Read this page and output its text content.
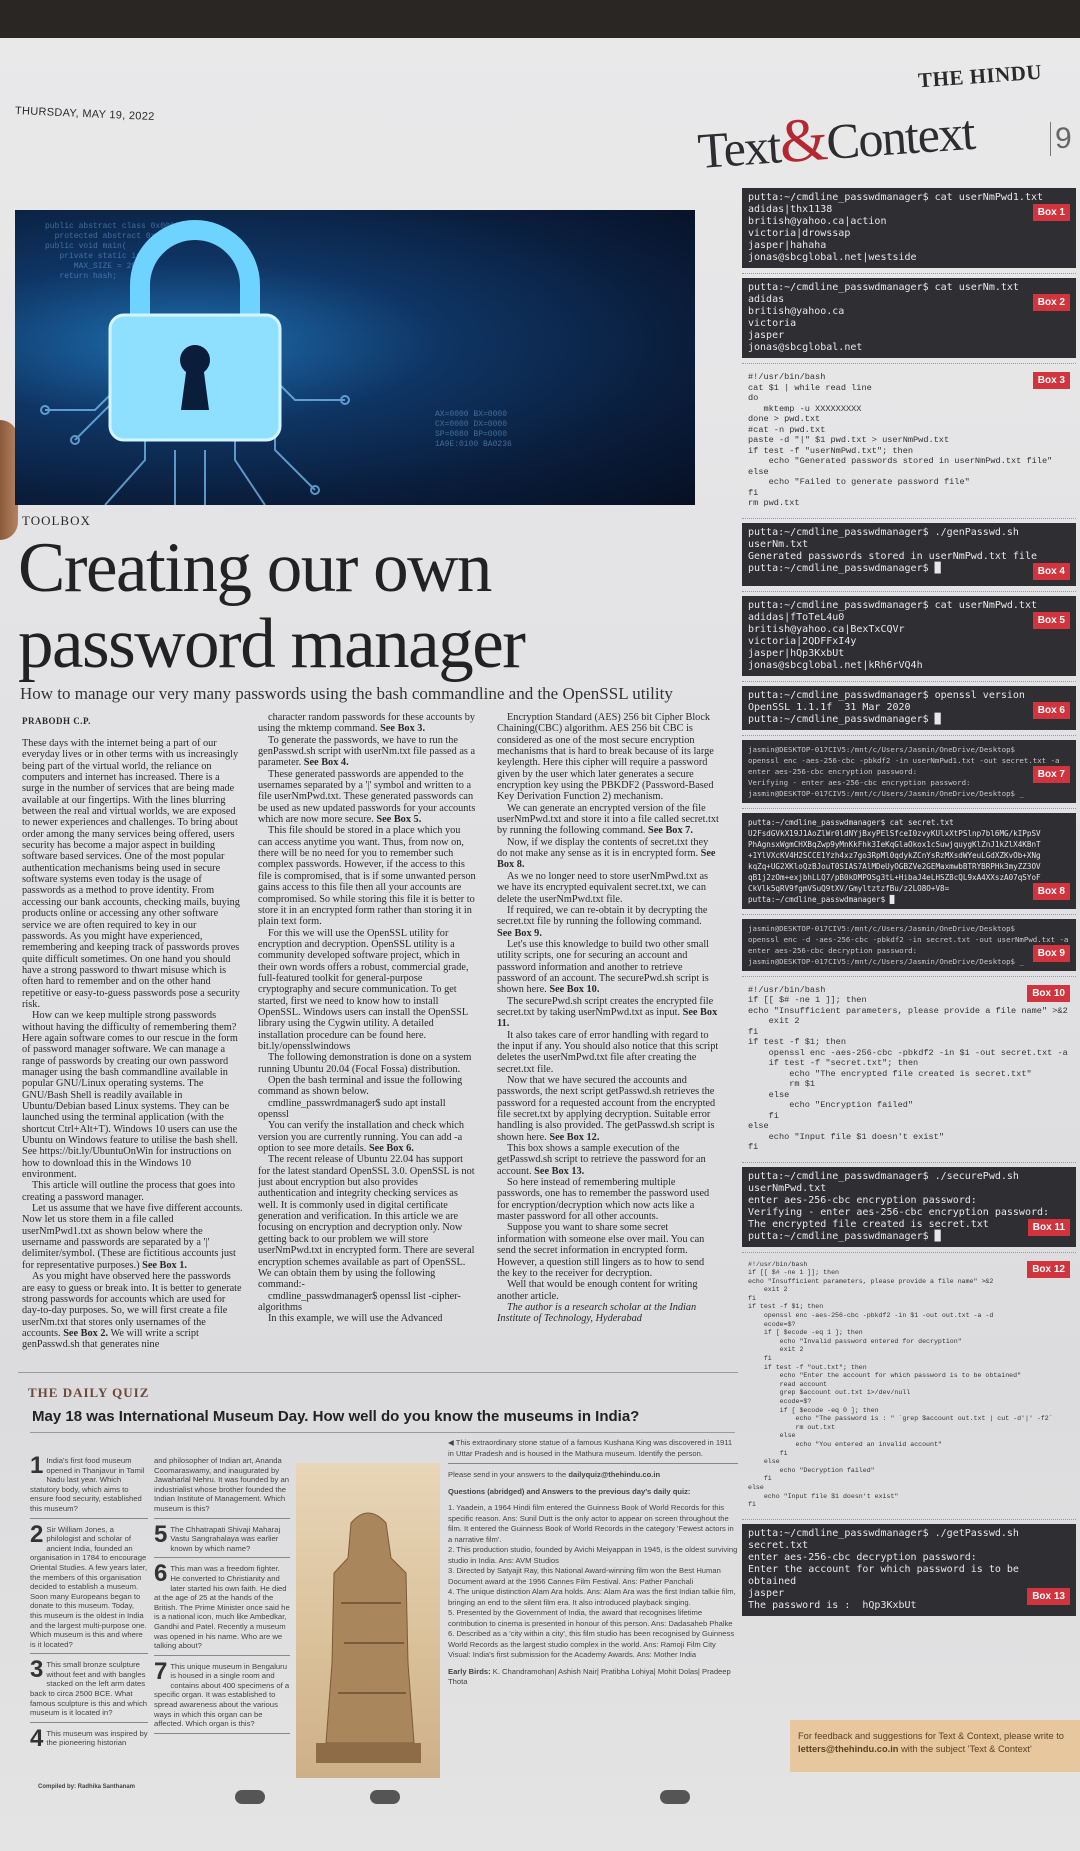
THURSDAY, MAY 19, 2022
THE HINDU
Text&Context	9
public abstract class 0x0000
protected abstract 0x004f
public void main(
private static int
MAX_SIZE = 2048;
return hash;
AX=0000 BX=0000
CX=0000 DX=0000
SP=0080 BP=0000
1A9E:0100 BA0236
TOOLBOX
Creating our own
password manager
How to manage our very many passwords using the bash commandline and the OpenSSL utility
PRABODH C.P.

These days with the internet being a part of our everyday lives or in other terms with us increasingly being part of the virtual world, the reliance on computers and internet has increased. There is a surge in the number of services that are being made available at our fingertips. With the lines blurring between the real and virtual worlds, we are exposed to newer experiences and challenges. To bring about order among the many services being offered, users security has become a major aspect in building software based services. One of the most popular authentication mechanisms being used in secure software systems even today is the usage of passwords as a method to prove identity. From accessing our bank accounts, checking mails, buying products online or accessing any other software service we are often required to key in our passwords. As you might have experienced, remembering and keeping track of passwords proves quite difficult sometimes. On one hand you should have a strong password to thwart misuse which is often hard to remember and on the other hand repetitive or easy-to-guess passwords pose a security risk.

How can we keep multiple strong passwords without having the difficulty of remembering them? Here again software comes to our rescue in the form of password manager software. We can manage a range of passwords by creating our own password manager using the bash commandline available in popular GNU/Linux operating systems. The GNU/Bash Shell is readily available in Ubuntu/Debian based Linux systems. They can be launched using the terminal application (with the shortcut Ctrl+Alt+T). Windows 10 users can use the Ubuntu on Windows feature to utilise the bash shell. See https://bit.ly/UbuntuOnWin for instructions on how to download this in the Windows 10 environment.

This article will outline the process that goes into creating a password manager.

Let us assume that we have five different accounts. Now let us store them in a file called userNmPwd1.txt as shown below where the username and passwords are separated by a '|' delimiter/symbol. (These are fictitious accounts just for representative purposes.) See Box 1.

As you might have observed here the passwords are easy to guess or break into. It is better to generate strong passwords for accounts which are used for day-to-day purposes. So, we will first create a file userNm.txt that stores only usernames of the accounts. See Box 2. We will write a script genPasswd.sh that generates nine

character random passwords for these accounts by using the mktemp command. See Box 3.

To generate the passwords, we have to run the genPasswd.sh script with userNm.txt file passed as a parameter. See Box 4.

These generated passwords are appended to the usernames separated by a '|' symbol and written to a file userNmPwd.txt. These generated passwords can be used as new updated passwords for your accounts which are now more secure. See Box 5.

This file should be stored in a place which you can access anytime you want. Thus, from now on, there will be no need for you to remember such complex passwords. However, if the access to this file is compromised, that is if some unwanted person gains access to this file then all your accounts are compromised. So while storing this file it is better to store it in an encrypted form rather than storing it in plain text form.

For this we will use the OpenSSL utility for encryption and decryption. OpenSSL utility is a community developed software project, which in their own words offers a robust, commercial grade, full-featured toolkit for general-purpose cryptography and secure communication. To get started, first we need to know how to install OpenSSL. Windows users can install the OpenSSL library using the Cygwin utility. A detailed installation procedure can be found here. bit.ly/opensslwindows

The following demonstration is done on a system running Ubuntu 20.04 (Focal Fossa) distribution.

Open the bash terminal and issue the following command as shown below.

cmdline_passwrdmanager$ sudo apt install openssl

You can verify the installation and check which version you are currently running. You can add -a option to see more details. See Box 6.

The recent release of Ubuntu 22.04 has support for the latest standard OpenSSL 3.0. OpenSSL is not just about encryption but also provides authentication and integrity checking services as well. It is commonly used in digital certificate generation and verification. In this article we are focusing on encryption and decryption only. Now getting back to our problem we will store userNmPwd.txt in encrypted form. There are several encryption schemes available as part of OpenSSL. We can obtain them by using the following command:-

cmdline_passwdmanager$ openssl list -cipher-algorithms

In this example, we will use the Advanced

Encryption Standard (AES) 256 bit Cipher Block Chaining(CBC) algorithm. AES 256 bit CBC is considered as one of the most secure encryption mechanisms that is hard to break because of its large keylength. Here this cipher will require a password given by the user which later generates a secure encryption key using the PBKDF2 (Password-Based Key Derivation Function 2) mechanism.

We can generate an encrypted version of the file userNmPwd.txt and store it into a file called secret.txt by running the following command. See Box 7.

Now, if we display the contents of secret.txt they do not make any sense as it is in encrypted form. See Box 8.

As we no longer need to store userNmPwd.txt as we have its encrypted equivalent secret.txt, we can delete the userNmPwd.txt file.

If required, we can re-obtain it by decrypting the secret.txt file by running the following command. See Box 9.

Let's use this knowledge to build two other small utility scripts, one for securing an account and password information and another to retrieve password of an account. The securePwd.sh script is shown here. See Box 10.

The securePwd.sh script creates the encrypted file secret.txt by taking userNmPwd.txt as input. See Box 11.

It also takes care of error handling with regard to the input if any. You should also notice that this script deletes the userNmPwd.txt file after creating the secret.txt file.

Now that we have secured the accounts and passwords, the next script getPasswd.sh retrieves the password for a requested account from the encrypted file secret.txt by applying decryption. Suitable error handling is also provided. The getPasswd.sh script is shown here. See Box 12.

This box shows a sample execution of the getPasswd.sh script to retrieve the password for an account. See Box 13.

So here instead of remembering multiple passwords, one has to remember the password used for encryption/decryption which now acts like a master password for all other accounts.

Suppose you want to share some secret information with someone else over mail. You can send the secret information in encrypted form. However, a question still lingers as to how to send the key to the receiver for decryption.

Well that would be enough content for writing another article.

The author is a research scholar at the Indian Institute of Technology, Hyderabad

putta:~/cmdline_passwdmanager$ cat userNmPwd1.txt
Box 1
adidas|thx1138
british@yahoo.ca|action
victoria|drowssap
jasper|hahaha
jonas@sbcglobal.net|westside
putta:~/cmdline_passwdmanager$ cat userNm.txt
Box 2
adidas
british@yahoo.ca
victoria
jasper
jonas@sbcglobal.net
Box 3
#!/usr/bin/bash
cat $1 | while read line
do
mktemp -u XXXXXXXXX
done > pwd.txt
#cat -n pwd.txt
paste -d "|" $1 pwd.txt > userNmPwd.txt
if test -f "userNmPwd.txt"; then
echo "Generated passwords stored in userNmPwd.txt file"
else
echo "Failed to generate password file"
fi
rm pwd.txt
putta:~/cmdline_passwdmanager$ ./genPasswd.sh userNm.txt
Generated passwords stored in userNmPwd.txt file
Box 4
putta:~/cmdline_passwdmanager$ █
putta:~/cmdline_passwdmanager$ cat userNmPwd.txt
Box 5
adidas|fToTeL4u0
british@yahoo.ca|BexTxCQVr
victoria|2QDFFxI4y
jasper|hQp3KxbUt
jonas@sbcglobal.net|kRh6rVQ4h
putta:~/cmdline_passwdmanager$ openssl version
Box 6
OpenSSL 1.1.1f  31 Mar 2020
putta:~/cmdline_passwdmanager$ █
jasmin@DESKTOP-017CIV5:/mnt/c/Users/Jasmin/OneDrive/Desktop$
openssl enc -aes-256-cbc -pbkdf2 -in userNmPwd1.txt -out secret.txt -a
Box 7
enter aes-256-cbc encryption password:
Verifying - enter aes-256-cbc encryption password:
jasmin@DESKTOP-017CIV5:/mnt/c/Users/Jasmin/OneDrive/Desktop$ _
putta:~/cmdline_passwdmanager$ cat secret.txt
U2FsdGVkX19J1AoZlWr0ldNYjBxyPElSfceI0zvyKUlxXtPSlnp7bl6MG/kIPpSV
PhAgnsxWgmCHXBqZwp9yMnKkFhk3IeKqGlaOkox1cSuwjquygKlZnJ1kZlX4KBnT
+1YlVXcKV4H2SCCE1Yzh4xz7go3RpMl0qdykZCnYsRzMXsdWYeuLGdXZKvOb+XNg
kqZq+UG2XKloQzBJouT0SIAS7AlMDeUyOGBZVe2GEMaxmwbBTRYBRPHk3myZZ3OV
qB1j2zOm+exjbhLLQ7/pB0kDMPOSg3tL+HibaJ4eLHSZ8cQL9xA4XXszA07qSYoF
Box 8
CkVlk5qRV9fgmVSuQ9tXV/GmyltztzfBu/z2LO8O+V8=
putta:~/cmdline_passwdmanager$ █
jasmin@DESKTOP-017CIV5:/mnt/c/Users/Jasmin/OneDrive/Desktop$
openssl enc -d -aes-256-cbc -pbkdf2 -in secret.txt -out userNmPwd.txt -a
Box 9
enter aes-256-cbc decryption password:
jasmin@DESKTOP-017CIV5:/mnt/c/Users/Jasmin/OneDrive/Desktop$ _
Box 10
#!/usr/bin/bash
if [[ $# -ne 1 ]]; then
echo "Insufficient parameters, please provide a file name" >&2
exit 2
fi
if test -f $1; then
openssl enc -aes-256-cbc -pbkdf2 -in $1 -out secret.txt -a
if test -f "secret.txt"; then
echo "The encrypted file created is secret.txt"
rm $1
else
echo "Encryption failed"
fi
else
echo "Input file $1 doesn't exist"
fi
putta:~/cmdline_passwdmanager$ ./securePwd.sh userNmPwd.txt
enter aes-256-cbc encryption password:
Verifying - enter aes-256-cbc encryption password:
Box 11
The encrypted file created is secret.txt
putta:~/cmdline_passwdmanager$ █
Box 12
#!/usr/bin/bash
if [[ $# -ne 1 ]]; then
echo "Insufficient parameters, please provide a file name" >&2
exit 2
fi
if test -f $1; then
openssl enc -aes-256-cbc -pbkdf2 -in $1 -out out.txt -a -d
ecode=$?
if [ $ecode -eq 1 ]; then
echo "Invalid password entered for decryption"
exit 2
fi
if test -f "out.txt"; then
echo "Enter the account for which password is to be obtained"
read account
grep $account out.txt 1>/dev/null
ecode=$?
if [ $ecode -eq 0 ]; then
echo "The password is : " `grep $account out.txt | cut -d'|' -f2`
rm out.txt
else
echo "You entered an invalid account"
fi
else
echo "Decryption failed"
fi
else
echo "Input file $1 doesn't exist"
fi
putta:~/cmdline_passwdmanager$ ./getPasswd.sh secret.txt
enter aes-256-cbc decryption password:
Enter the account for which password is to be obtained
Box 13
jasper
The password is :  hQp3KxbUt
For feedback and suggestions for Text & Context, please write to letters@thehindu.co.in with the subject 'Text & Context'
THE DAILY QUIZ
May 18 was International Museum Day. How well do you know the museums in India?
1 India's first food museum opened in Thanjavur in Tamil Nadu last year. Which statutory body, which aims to ensure food security, established this museum?
2 Sir William Jones, a philologist and scholar of ancient India, founded an organisation in 1784 to encourage Oriental Studies. A few years later, the members of this organisation decided to establish a museum. Soon many Europeans began to donate to this museum. Today, this museum is the oldest in India and the largest multi-purpose one. Which museum is this and where is it located?
3 This small bronze sculpture without feet and with bangles stacked on the left arm dates back to circa 2500 BCE. What famous sculpture is this and which museum is it located in?
4 This museum was inspired by the pioneering historian
and philosopher of Indian art, Ananda Coomaraswamy, and inaugurated by Jawaharlal Nehru. It was founded by an industrialist whose brother founded the Indian Institute of Management. Which museum is this?
5 The Chhatrapati Shivaji Maharaj Vastu Sangrahalaya was earlier known by which name?
6 This man was a freedom fighter. He converted to Christianity and later started his own faith. He died at the age of 25 at the hands of the British. The Prime Minister once said he is a national icon, much like Ambedkar, Gandhi and Patel. Recently a museum was opened in his name. Who are we talking about?
7 This unique museum in Bengaluru is housed in a single room and contains about 400 specimens of a specific organ. It was established to spread awareness about the various ways in which this organ can be affected. Which organ is this?

◀ This extraordinary stone statue of a famous Kushana King was discovered in 1911 in Uttar Pradesh and is housed in the Mathura museum. Identify the person.

Please send in your answers to the dailyquiz@thehindu.co.in

Questions (abridged) and Answers to the previous day's daily quiz:

1. Yaadein, a 1964 Hindi film entered the Guinness Book of World Records for this specific reason. Ans: Sunil Dutt is the only actor to appear on screen throughout the film. It entered the Guinness Book of World Records in the category 'Fewest actors in a narrative film'.
2. This production studio, founded by Avichi Meiyappan in 1945, is the oldest surviving studio in India. Ans: AVM Studios
3. Directed by Satyajit Ray, this National Award-winning film won the Best Human Document award at the 1956 Cannes Film Festival. Ans: Pather Panchali
4. The unique distinction Alam Ara holds. Ans: Alam Ara was the first Indian talkie film, bringing an end to the silent film era. It also introduced playback singing.
5. Presented by the Government of India, the award that recognises lifetime contribution to cinema is presented in honour of this person. Ans: Dadasaheb Phalke
6. Described as a 'city within a city', this film studio has been recognised by Guinness World Records as the largest studio complex in the world. Ans: Ramoji Film City
Visual: India's first submission for the Academy Awards. Ans: Mother India

Early Birds: K. Chandramohan| Ashish Nair| Pratibha Lohiya| Mohit Dolas| Pradeep Thota

Compiled by: Radhika Santhanam
